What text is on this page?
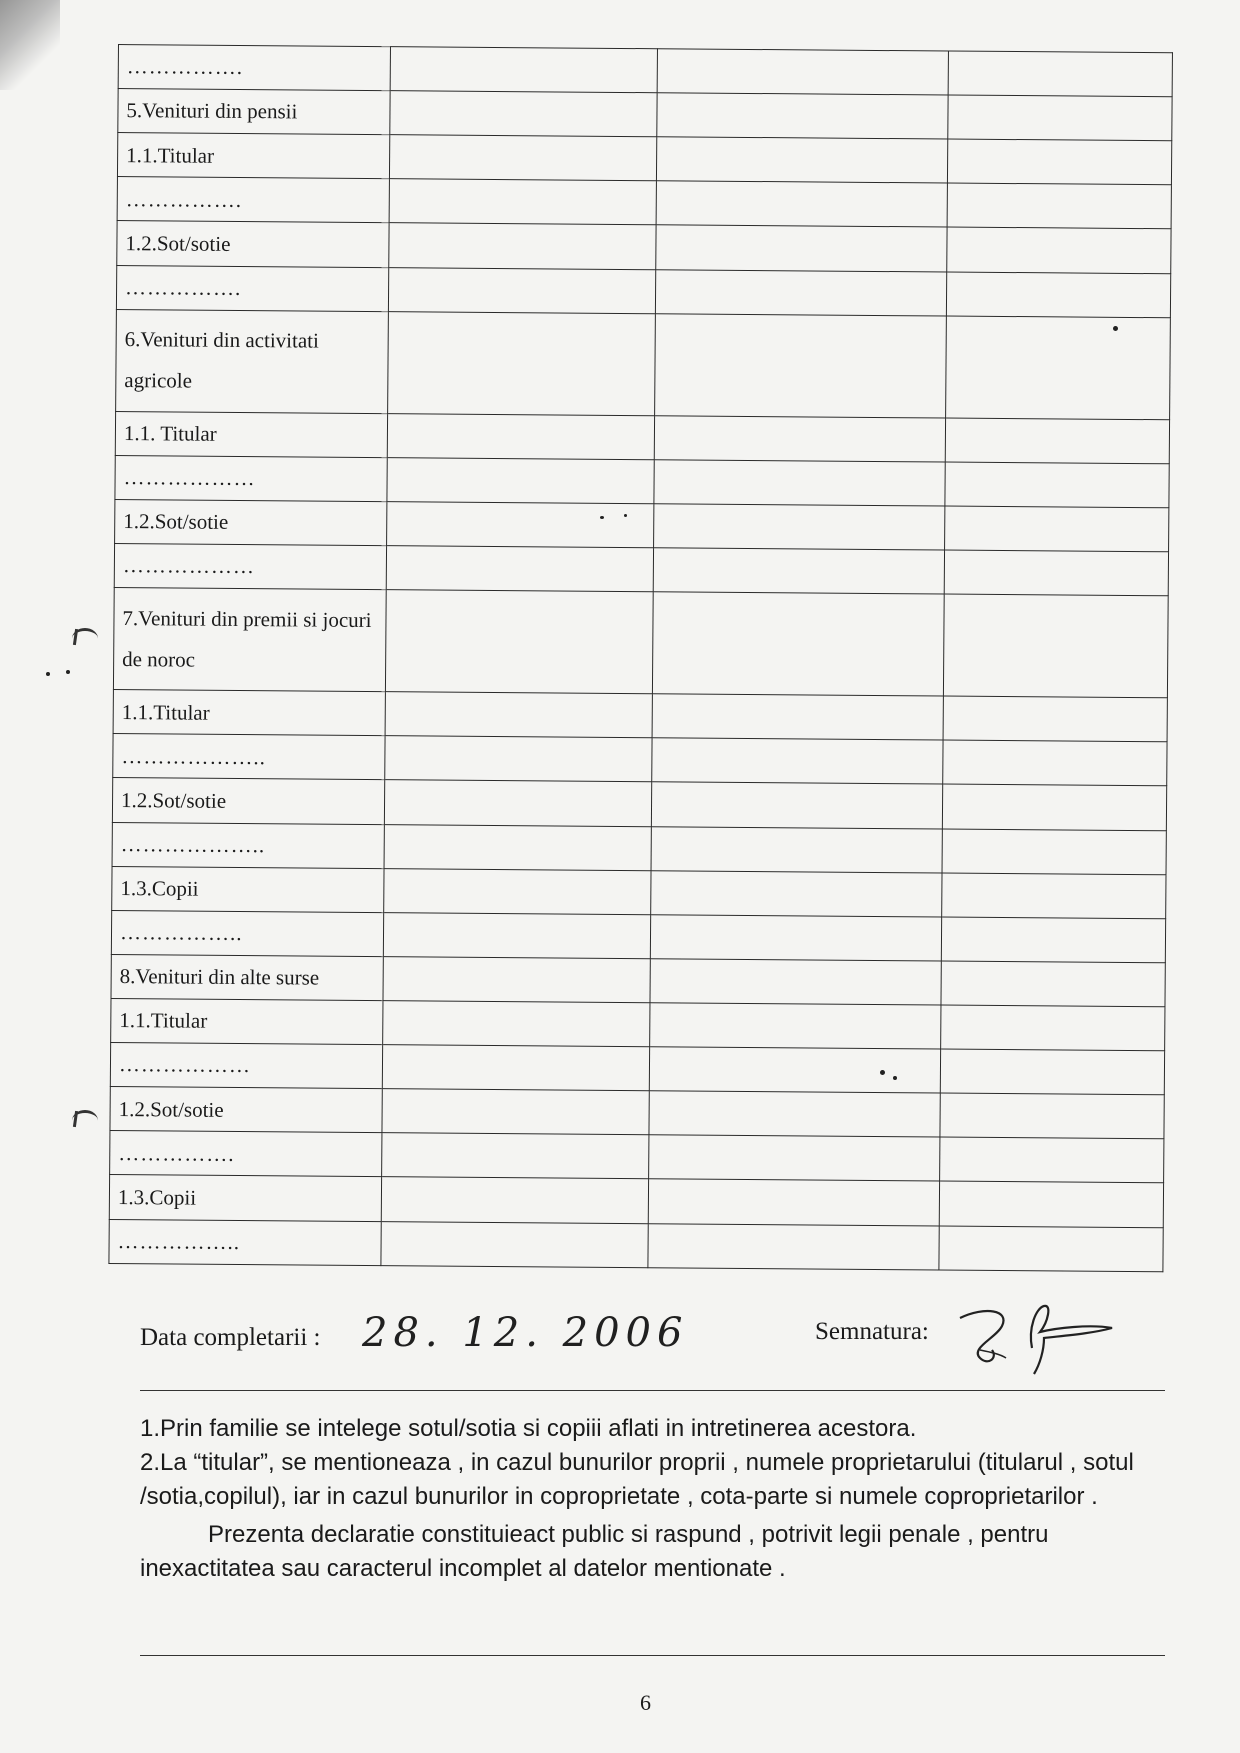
…………….			
5.Venituri din pensii			
1.1.Titular			
…………….			
1.2.Sot/sotie			
…………….			
6.Venituri din activitati agricole			
1.1. Titular			
………………			
1.2.Sot/sotie			
………………			
7.Venituri din premii si jocuri de noroc			
1.1.Titular			
………………..			
1.2.Sot/sotie			
………………..			
1.3.Copii			
……………..			
8.Venituri din alte surse			
1.1.Titular			
………………			
1.2.Sot/sotie			
…………….			
1.3.Copii			
……………..			
Data completarii : 28. 12. 2006	Semnatura:

1.Prin familie se intelege sotul/sotia si copiii aflati in intretinerea acestora.

2.La “titular”, se mentioneaza , in cazul bunurilor proprii , numele proprietarului (titularul , sotul /sotia,copilul), iar in cazul bunurilor in coproprietate , cota-parte si numele coproprietarilor .

Prezenta declaratie constituieact public si raspund , potrivit legii penale , pentru inexactitatea sau caracterul incomplet al datelor mentionate .

6
